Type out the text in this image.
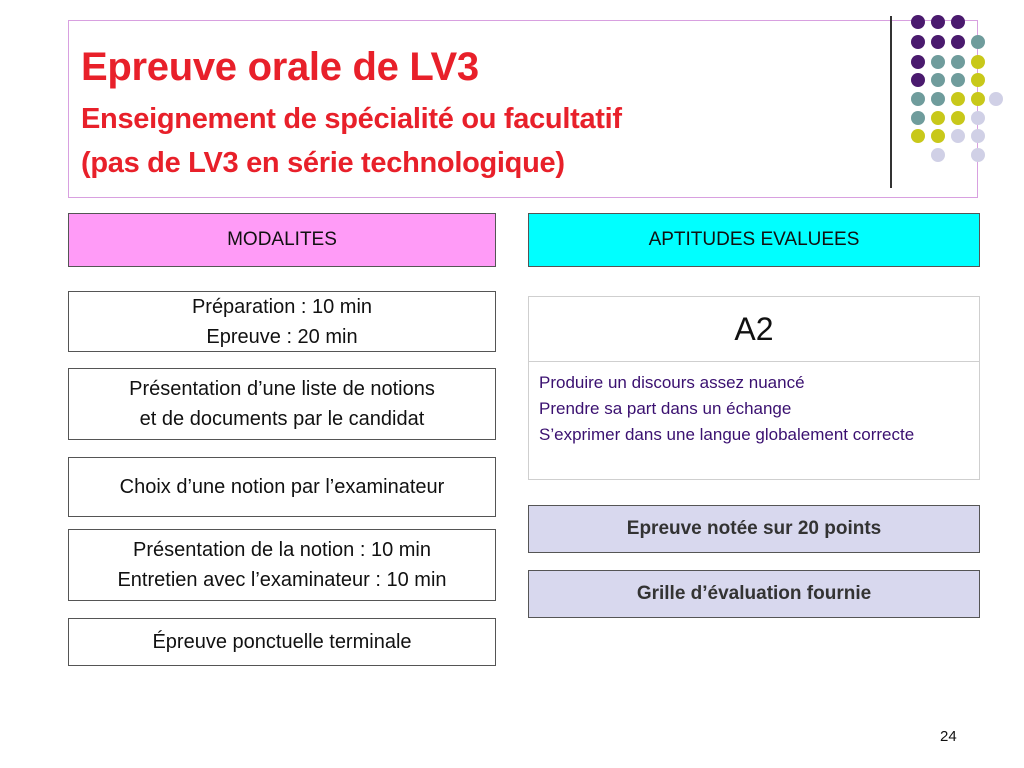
Epreuve orale de LV3
Enseignement de spécialité ou facultatif
(pas de LV3 en série technologique)
MODALITES	APTITUDES EVALUEES
Préparation : 10 min
Epreuve : 20 min
Présentation d’une liste de notions
et de documents par le candidat
Choix d’une notion par l’examinateur
Présentation de la notion : 10 min
Entretien avec l’examinateur : 10 min
Épreuve ponctuelle terminale
A2
Produire un discours assez nuancé
Prendre sa part dans un échange
S’exprimer dans une langue globalement correcte
Epreuve notée sur 20 points
Grille d’évaluation fournie
24
